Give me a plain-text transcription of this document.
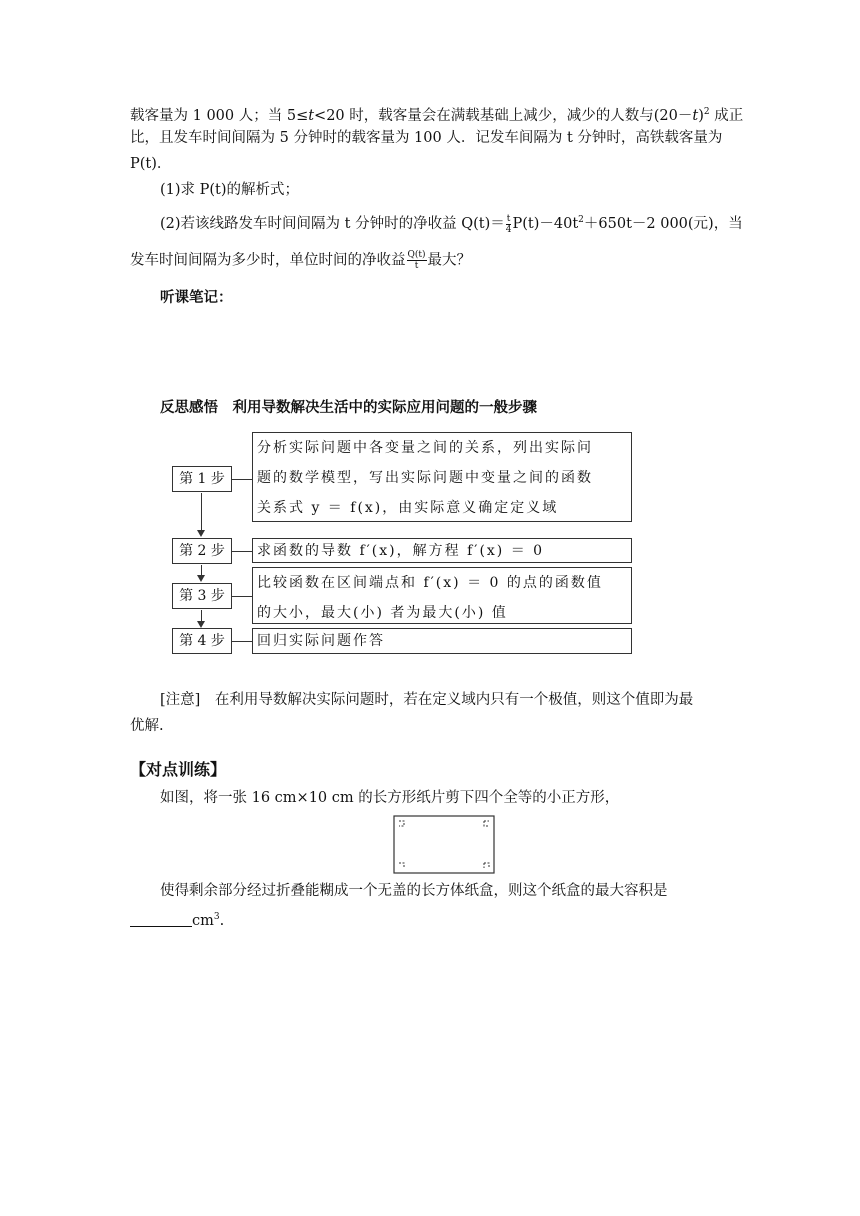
载客量为 1 000 人；当 5≤t<20 时，载客量会在满载基础上减少，减少的人数与$(20-t)^2$ 成正
比，且发车时间间隔为 5 分钟时的载客量为 100 人．记发车间隔为 t 分钟时，高铁载客量为
P(t)．
(1)求 P(t)的解析式；
(2)若该线路发车时间间隔为 t 分钟时的净收益 $Q(t)= \frac{t}{4} P(t)-40t^2+650t-2$ 000(元)，当
发车时间间隔为多少时，单位时间的净收益 $\frac{Q(t)}{t}$ 最大？
听课笔记：
反思感悟　利用导数解决生活中的实际应用问题的一般步骤
分析实际问题中各变量之间的关系，列出实际问
题的数学模型，写出实际问题中变量之间的函数
关系式 y ＝ f(x)，由实际意义确定定义域
第 1 步
求函数的导数 f′(x)，解方程 f′(x) ＝ 0
第 2 步
比较函数在区间端点和 f′(x) ＝ 0 的点的函数值
的大小，最大(小) 者为最大(小) 值
第 3 步
回归实际问题作答
第 4 步
[注意]　在利用导数解决实际问题时，若在定义域内只有一个极值，则这个值即为最
优解.
【对点训练】
如图，将一张 16 cm×10 cm 的长方形纸片剪下四个全等的小正方形，
使得剩余部分经过折叠能糊成一个无盖的长方体纸盒，则这个纸盒的最大容积是
$cm^3$.
